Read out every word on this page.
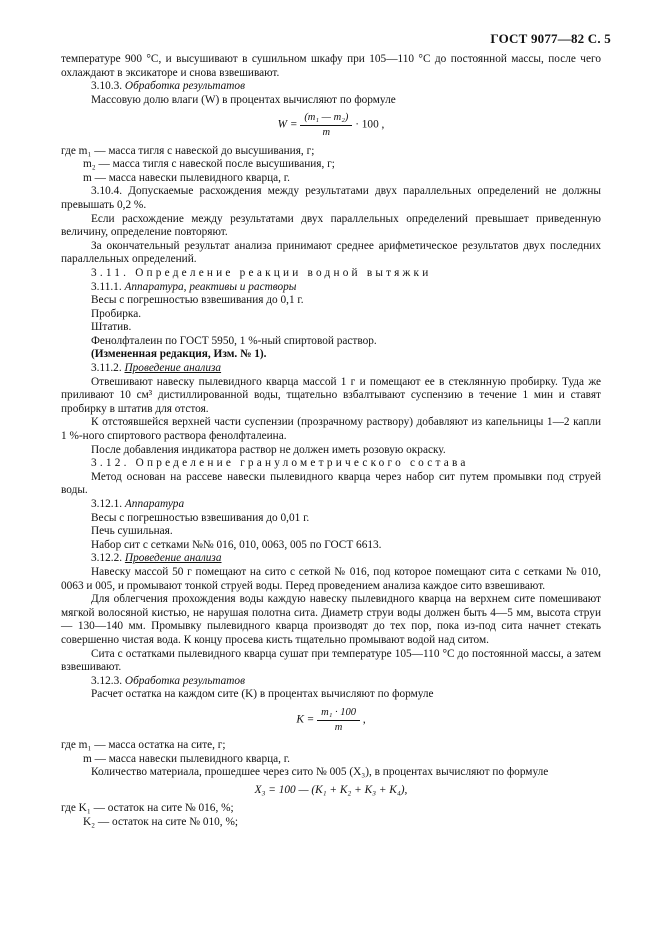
ГОСТ 9077—82 С. 5
температуре 900 °С, и высушивают в сушильном шкафу при 105—110 °С до постоянной массы, после чего охлаждают в эксикаторе и снова взвешивают.
3.10.3. Обработка результатов
Массовую долю влаги (W) в процентах вычисляют по формуле
$W = \frac{\text{(m₁ — m₂)}}{m} \cdot 100$ ,
где m₁ — масса тигля с навеской до высушивания, г;
m₂ — масса тигля с навеской после высушивания, г;
m — масса навески пылевидного кварца, г.
3.10.4. Допускаемые расхождения между результатами двух параллельных определений не должны превышать 0,2 %.
Если расхождение между результатами двух параллельных определений превышает приведенную величину, определение повторяют.
За окончательный результат анализа принимают среднее арифметическое результатов двух последних параллельных определений.
3.11. Определение реакции водной вытяжки
3.11.1. Аппаратура, реактивы и растворы
Весы с погрешностью взвешивания до 0,1 г.
Пробирка.
Штатив.
Фенолфталеин по ГОСТ 5950, 1 %-ный спиртовой раствор.
(Измененная редакция, Изм. № 1).
3.11.2. Проведение анализа
Отвешивают навеску пылевидного кварца массой 1 г и помещают ее в стеклянную пробирку. Туда же приливают 10 см³ дистиллированной воды, тщательно взбалтывают суспензию в течение 1 мин и ставят пробирку в штатив для отстоя.
К отстоявшейся верхней части суспензии (прозрачному раствору) добавляют из капельницы 1—2 капли 1 %-ного спиртового раствора фенолфталеина.
После добавления индикатора раствор не должен иметь розовую окраску.
3.12. Определение гранулометрического состава
Метод основан на рассеве навески пылевидного кварца через набор сит путем промывки под струей воды.
3.12.1. Аппаратура
Весы с погрешностью взвешивания до 0,01 г.
Печь сушильная.
Набор сит с сетками №№ 016, 010, 0063, 005 по ГОСТ 6613.
3.12.2. Проведение анализа
Навеску массой 50 г помещают на сито с сеткой № 016, под которое помещают сита с сетками № 010, 0063 и 005, и промывают тонкой струей воды. Перед проведением анализа каждое сито взвешивают.
Для облегчения прохождения воды каждую навеску пылевидного кварца на верхнем сите помешивают мягкой волосяной кистью, не нарушая полотна сита. Диаметр струи воды должен быть 4—5 мм, высота струи — 130—140 мм. Промывку пылевидного кварца производят до тех пор, пока из-под сита начнет стекать совершенно чистая вода. К концу просева кисть тщательно промывают водой над ситом.
Сита с остатками пылевидного кварца сушат при температуре 105—110 °С до постоянной массы, а затем взвешивают.
3.12.3. Обработка результатов
Расчет остатка на каждом сите (K) в процентах вычисляют по формуле
$K = \frac{\text{m₁ · 100}}{m}$ ,
где m₁ — масса остатка на сите, г;
m — масса навески пылевидного кварца, г.
Количество материала, прошедшее через сито № 005 (X₃), в процентах вычисляют по формуле
X₃ = 100 — (K₁ + K₂ + K₃ + K₄),
где K₁ — остаток на сите № 016, %;
K₂ — остаток на сите № 010, %;
